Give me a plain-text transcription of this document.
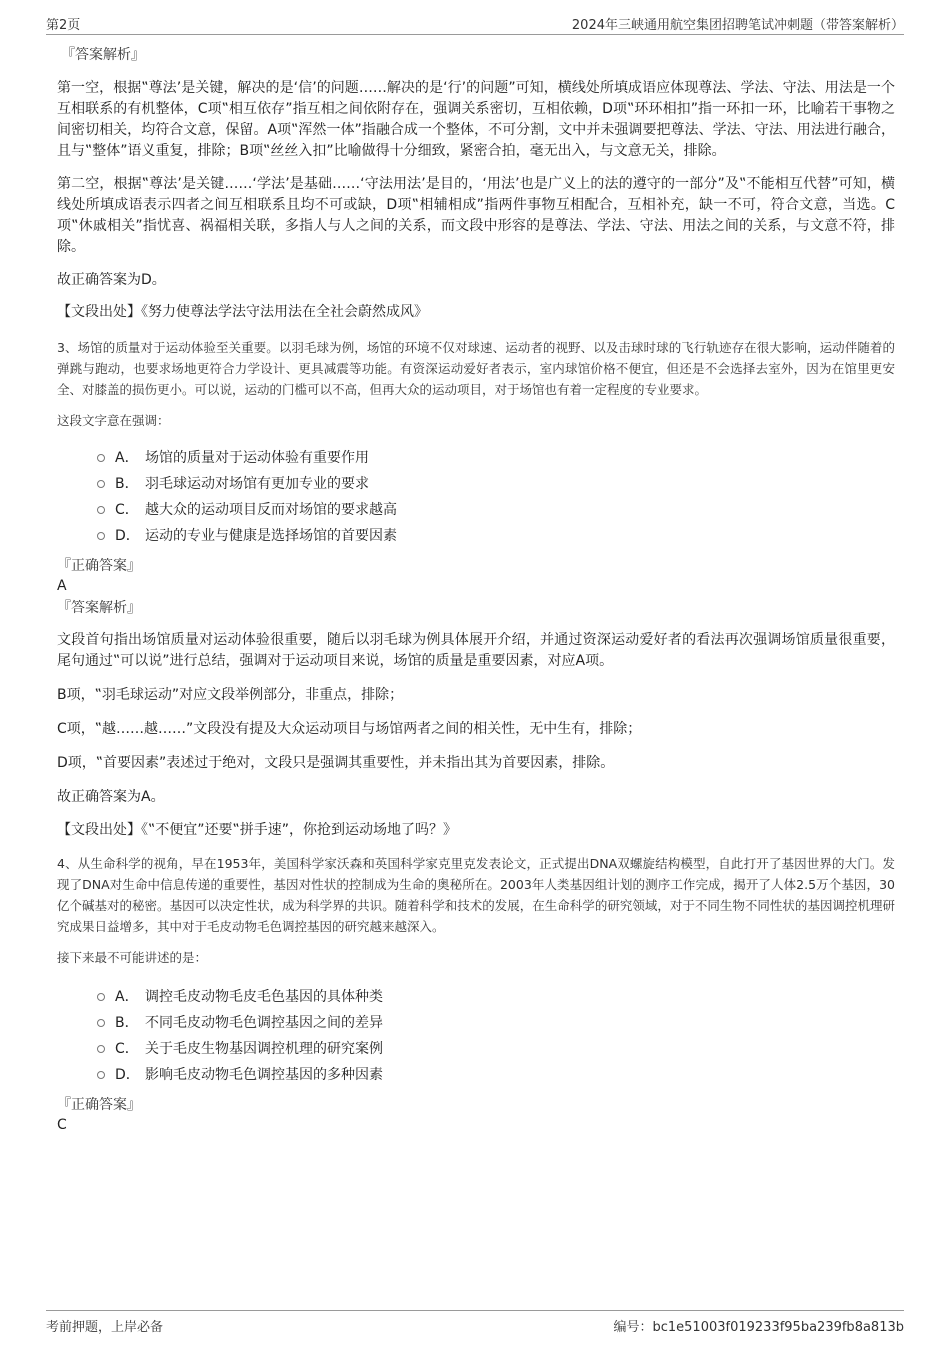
第2页	2024年三峡通用航空集团招聘笔试冲刺题（带答案解析）
『答案解析』

第一空，根据‟尊法’是关键，解决的是‘信’的问题……解决的是‘行’的问题”可知，横线处所填成语应体现尊法、学法、守法、用法是一个互相联系的有机整体，C项‟相互依存”指互相之间依附存在，强调关系密切，互相依赖，D项‟环环相扣”指一环扣一环，比喻若干事物之间密切相关，均符合文意，保留。A项‟浑然一体”指融合成一个整体，不可分割，文中并未强调要把尊法、学法、守法、用法进行融合，且与‟整体”语义重复，排除；B项‟丝丝入扣”比喻做得十分细致，紧密合拍，毫无出入，与文意无关，排除。

第二空，根据‟尊法’是关键……‘学法’是基础……‘守法用法’是目的，‘用法’也是广义上的法的遵守的一部分”及‟不能相互代替”可知，横线处所填成语表示四者之间互相联系且均不可或缺，D项‟相辅相成”指两件事物互相配合，互相补充，缺一不可，符合文意，当选。C项‟休戚相关”指忧喜、祸福相关联，多指人与人之间的关系，而文段中形容的是尊法、学法、守法、用法之间的关系，与文意不符，排除。

故正确答案为D。

【文段出处】《努力使尊法学法守法用法在全社会蔚然成风》

3、场馆的质量对于运动体验至关重要。以羽毛球为例，场馆的环境不仅对球速、运动者的视野、以及击球时球的飞行轨迹存在很大影响，运动伴随着的弹跳与跑动，也要求场地更符合力学设计、更具减震等功能。有资深运动爱好者表示，室内球馆价格不便宜，但还是不会选择去室外，因为在馆里更安全、对膝盖的损伤更小。可以说，运动的门槛可以不高，但再大众的运动项目，对于场馆也有着一定程度的专业要求。

这段文字意在强调：

A． 场馆的质量对于运动体验有重要作用
B． 羽毛球运动对场馆有更加专业的要求
C． 越大众的运动项目反而对场馆的要求越高
D． 运动的专业与健康是选择场馆的首要因素
『正确答案』
A
『答案解析』

文段首句指出场馆质量对运动体验很重要，随后以羽毛球为例具体展开介绍，并通过资深运动爱好者的看法再次强调场馆质量很重要，尾句通过‟可以说”进行总结，强调对于运动项目来说，场馆的质量是重要因素，对应A项。

B项，‟羽毛球运动”对应文段举例部分，非重点，排除；

C项，‟越……越……”文段没有提及大众运动项目与场馆两者之间的相关性，无中生有，排除；

D项，‟首要因素”表述过于绝对，文段只是强调其重要性，并未指出其为首要因素，排除。

故正确答案为A。

【文段出处】《‟不便宜”还要‟拼手速”，你抢到运动场地了吗？》

4、从生命科学的视角，早在1953年，美国科学家沃森和英国科学家克里克发表论文，正式提出DNA双螺旋结构模型，自此打开了基因世界的大门。发现了DNA对生命中信息传递的重要性，基因对性状的控制成为生命的奥秘所在。2003年人类基因组计划的测序工作完成，揭开了人体2.5万个基因，30亿个碱基对的秘密。基因可以决定性状，成为科学界的共识。随着科学和技术的发展，在生命科学的研究领域，对于不同生物不同性状的基因调控机理研究成果日益增多，其中对于毛皮动物毛色调控基因的研究越来越深入。

接下来最不可能讲述的是：

A． 调控毛皮动物毛皮毛色基因的具体种类
B． 不同毛皮动物毛色调控基因之间的差异
C． 关于毛皮生物基因调控机理的研究案例
D． 影响毛皮动物毛色调控基因的多种因素
『正确答案』
C
考前押题，上岸必备	编号：bc1e51003f019233f95ba239fb8a813b
